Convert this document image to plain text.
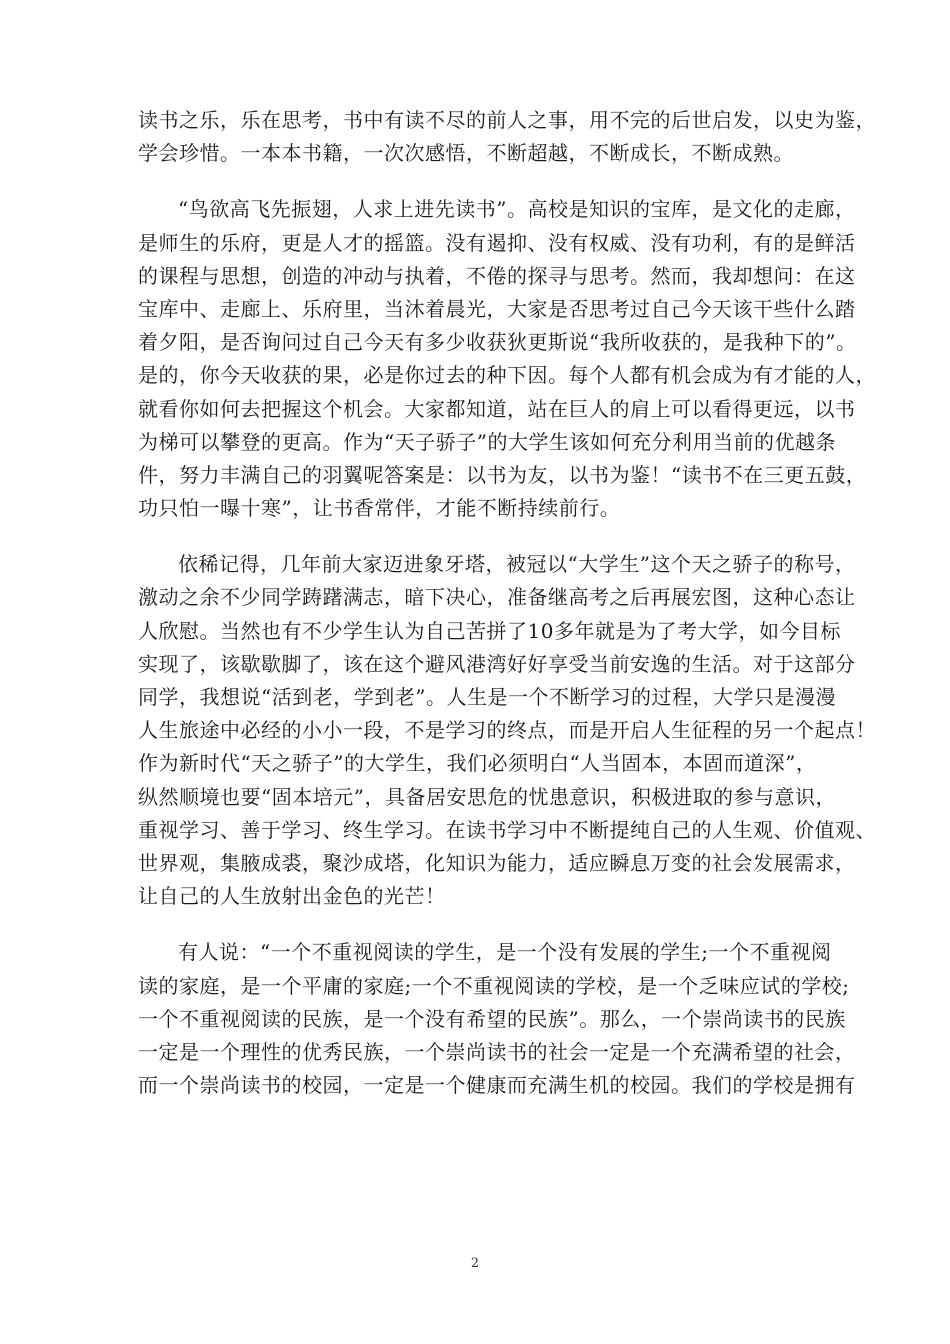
读书之乐，乐在思考，书中有读不尽的前人之事，用不完的后世启发，以史为鉴，
学会珍惜。一本本书籍，一次次感悟，不断超越，不断成长，不断成熟。
“鸟欲高飞先振翅，人求上进先读书”。高校是知识的宝库，是文化的走廊，
是师生的乐府，更是人才的摇篮。没有遏抑、没有权威、没有功利，有的是鲜活
的课程与思想，创造的冲动与执着，不倦的探寻与思考。然而，我却想问：在这
宝库中、走廊上、乐府里，当沐着晨光，大家是否思考过自己今天该干些什么踏
着夕阳，是否询问过自己今天有多少收获狄更斯说“我所收获的，是我种下的”。
是的，你今天收获的果，必是你过去的种下因。每个人都有机会成为有才能的人，
就看你如何去把握这个机会。大家都知道，站在巨人的肩上可以看得更远，以书
为梯可以攀登的更高。作为“天子骄子”的大学生该如何充分利用当前的优越条
件，努力丰满自己的羽翼呢答案是：以书为友，以书为鉴！“读书不在三更五鼓，
功只怕一曝十寒”，让书香常伴，才能不断持续前行。
依稀记得，几年前大家迈进象牙塔，被冠以“大学生”这个天之骄子的称号，
激动之余不少同学踌躇满志，暗下决心，准备继高考之后再展宏图，这种心态让
人欣慰。当然也有不少学生认为自己苦拼了10多年就是为了考大学，如今目标
实现了，该歇歇脚了，该在这个避风港湾好好享受当前安逸的生活。对于这部分
同学，我想说“活到老，学到老”。人生是一个不断学习的过程，大学只是漫漫
人生旅途中必经的小小一段，不是学习的终点，而是开启人生征程的另一个起点！
作为新时代“天之骄子”的大学生，我们必须明白“人当固本，本固而道深”，
纵然顺境也要“固本培元”，具备居安思危的忧患意识，积极进取的参与意识，
重视学习、善于学习、终生学习。在读书学习中不断提纯自己的人生观、价值观、
世界观，集腋成裘，聚沙成塔，化知识为能力，适应瞬息万变的社会发展需求，
让自己的人生放射出金色的光芒！
有人说：“一个不重视阅读的学生，是一个没有发展的学生;一个不重视阅
读的家庭，是一个平庸的家庭;一个不重视阅读的学校，是一个乏味应试的学校;
一个不重视阅读的民族，是一个没有希望的民族”。那么，一个崇尚读书的民族
一定是一个理性的优秀民族，一个崇尚读书的社会一定是一个充满希望的社会，
而一个崇尚读书的校园，一定是一个健康而充满生机的校园。我们的学校是拥有
2
